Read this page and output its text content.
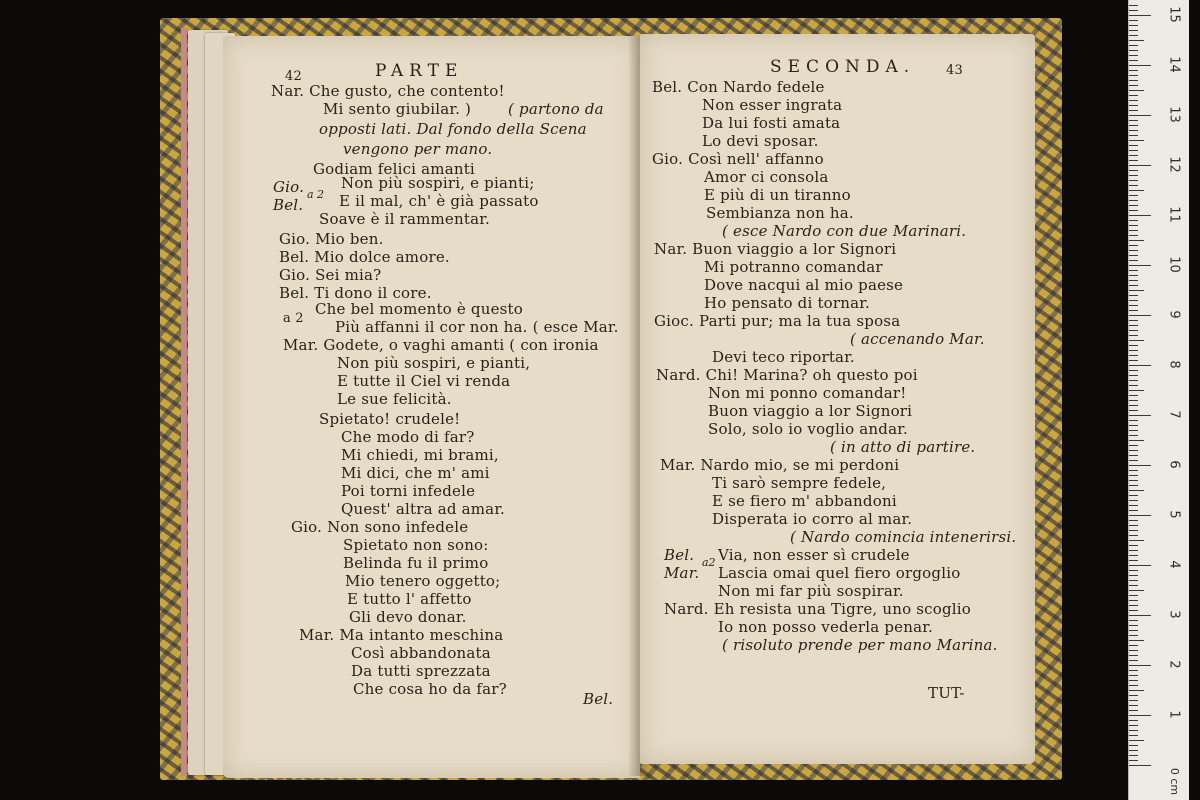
42	PARTE
Nar. Che gusto, che contento!
Mi sento giubilar. ) ( partono da
opposti lati. Dal fondo della Scena
vengono per mano.
Godiam felici amanti
Gio. Non più sospiri, e pianti;
Bel.
a 2 E il mal, ch' è già passato
Soave è il rammentar.
Gio. Mio ben.
Bel. Mio dolce amore.
Gio. Sei mia?
Bel. Ti dono il core.
Che bel momento è questo
a 2 Più affanni il cor non ha. ( esce Mar.
Mar. Godete, o vaghi amanti ( con ironia
Non più sospiri, e pianti,
E tutte il Ciel vi renda
Le sue felicità.
Spietato! crudele!
Che modo di far?
Mi chiedi, mi brami,
Mi dici, che m' ami
Poi torni infedele
Quest' altra ad amar.
Gio. Non sono infedele
Spietato non sono:
Belinda fu il primo
Mio tenero oggetto;
E tutto l' affetto
Gli devo donar.
Mar. Ma intanto meschina
Così abbandonata
Da tutti sprezzata
Che cosa ho da far?
Bel.
SECONDA. 43
Bel. Con Nardo fedele
Non esser ingrata
Da lui fosti amata
Lo devi sposar.
Gio. Così nell' affanno
Amor ci consola
E più di un tiranno
Sembianza non ha.
( esce Nardo con due Marinari.
Nar. Buon viaggio a lor Signori
Mi potranno comandar
Dove nacqui al mio paese
Ho pensato di tornar.
Gioc. Parti pur; ma la tua sposa
( accenando Mar.
Devi teco riportar.
Nard. Chi! Marina? oh questo poi
Non mi ponno comandar!
Buon viaggio a lor Signori
Solo, solo io voglio andar.
( in atto di partire.
Mar. Nardo mio, se mi perdoni
Ti sarò sempre fedele,
E se fiero m' abbandoni
Disperata io corro al mar.
( Nardo comincia intenerirsi.
Bel. a2 Via, non esser sì crudele
Mar. Lascia omai quel fiero orgoglio
Non mi far più sospirar.
Nard. Eh resista una Tigre, uno scoglio
Io non posso vederla penar.
( risoluto prende per mano Marina.
TUT-
15
14
13
12
11
10
9
8
7
6
5
4
3
2
1
0 cm
